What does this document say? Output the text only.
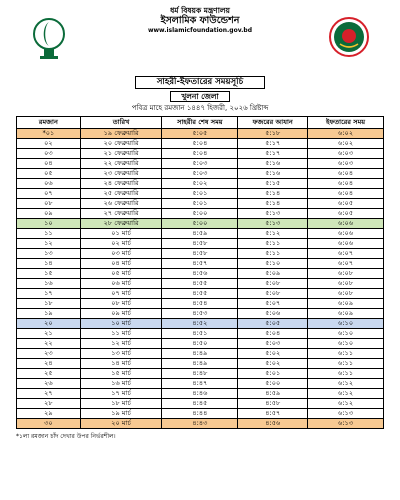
ধর্ম বিষয়ক মন্ত্রণালয়
ইসলামিক ফাউন্ডেশন
www.islamicfoundation.gov.bd
সাহরী-ইফতারের সময়সূচি
খুলনা জেলা
পবিত্র মাহে রমজান ১৪৪৭ হিজরী, ২০২৬ খ্রিষ্টাব্দ
রমজান	তারিখ	সাহরীর শেষ সময়	ফজরের আযান	ইফতারের সময়
*০১	১৯ ফেব্রুয়ারি	৫:০৫	৫:১৮	৬:০২
০২	২০ ফেব্রুয়ারি	৫:০৪	৫:১৭	৬:০২
০৩	২১ ফেব্রুয়ারি	৫:০৪	৫:১৭	৬:০৩
০৪	২২ ফেব্রুয়ারি	৫:০৩	৫:১৬	৬:০৩
০৫	২৩ ফেব্রুয়ারি	৫:০৩	৫:১৬	৬:০৪
০৬	২৪ ফেব্রুয়ারি	৫:০২	৫:১৫	৬:০৪
০৭	২৫ ফেব্রুয়ারি	৫:০১	৫:১৪	৬:০৪
০৮	২৬ ফেব্রুয়ারি	৫:০১	৫:১৪	৬:০৫
০৯	২৭ ফেব্রুয়ারি	৫:০০	৫:১৩	৬:০৫
১০	২৮ ফেব্রুয়ারি	৫:০০	৫:১৩	৬:০৬
১১	০১ মার্চ	৪:৫৯	৫:১২	৬:০৬
১২	০২ মার্চ	৪:৫৮	৫:১১	৬:০৬
১৩	০৩ মার্চ	৪:৫৮	৫:১১	৬:০৭
১৪	০৪ মার্চ	৪:৫৭	৫:১০	৬:০৭
১৫	০৫ মার্চ	৪:৫৬	৫:০৯	৬:০৮
১৬	০৬ মার্চ	৪:৫৫	৫:০৮	৬:০৮
১৭	০৭ মার্চ	৪:৫৫	৫:০৮	৬:০৮
১৮	০৮ মার্চ	৪:৫৪	৫:০৭	৬:০৯
১৯	০৯ মার্চ	৪:৫৩	৫:০৬	৬:০৯
২০	১০ মার্চ	৪:৫২	৫:০৫	৬:১০
২১	১১ মার্চ	৪:৫১	৫:০৪	৬:১০
২২	১২ মার্চ	৪:৫০	৫:০৩	৬:১০
২৩	১৩ মার্চ	৪:৪৯	৫:০২	৬:১১
২৪	১৪ মার্চ	৪:৪৯	৫:০২	৬:১১
২৫	১৫ মার্চ	৪:৪৮	৫:০১	৬:১১
২৬	১৬ মার্চ	৪:৪৭	৫:০০	৬:১২
২৭	১৭ মার্চ	৪:৪৬	৪:৫৯	৬:১২
২৮	১৮ মার্চ	৪:৪৫	৪:৫৮	৬:১২
২৯	১৯ মার্চ	৪:৪৪	৪:৫৭	৬:১৩
৩০	২০ মার্চ	৪:৪৩	৪:৫৬	৬:১৩
*১লা রমজান চাঁদ দেখার উপর নির্ভরশীল।
